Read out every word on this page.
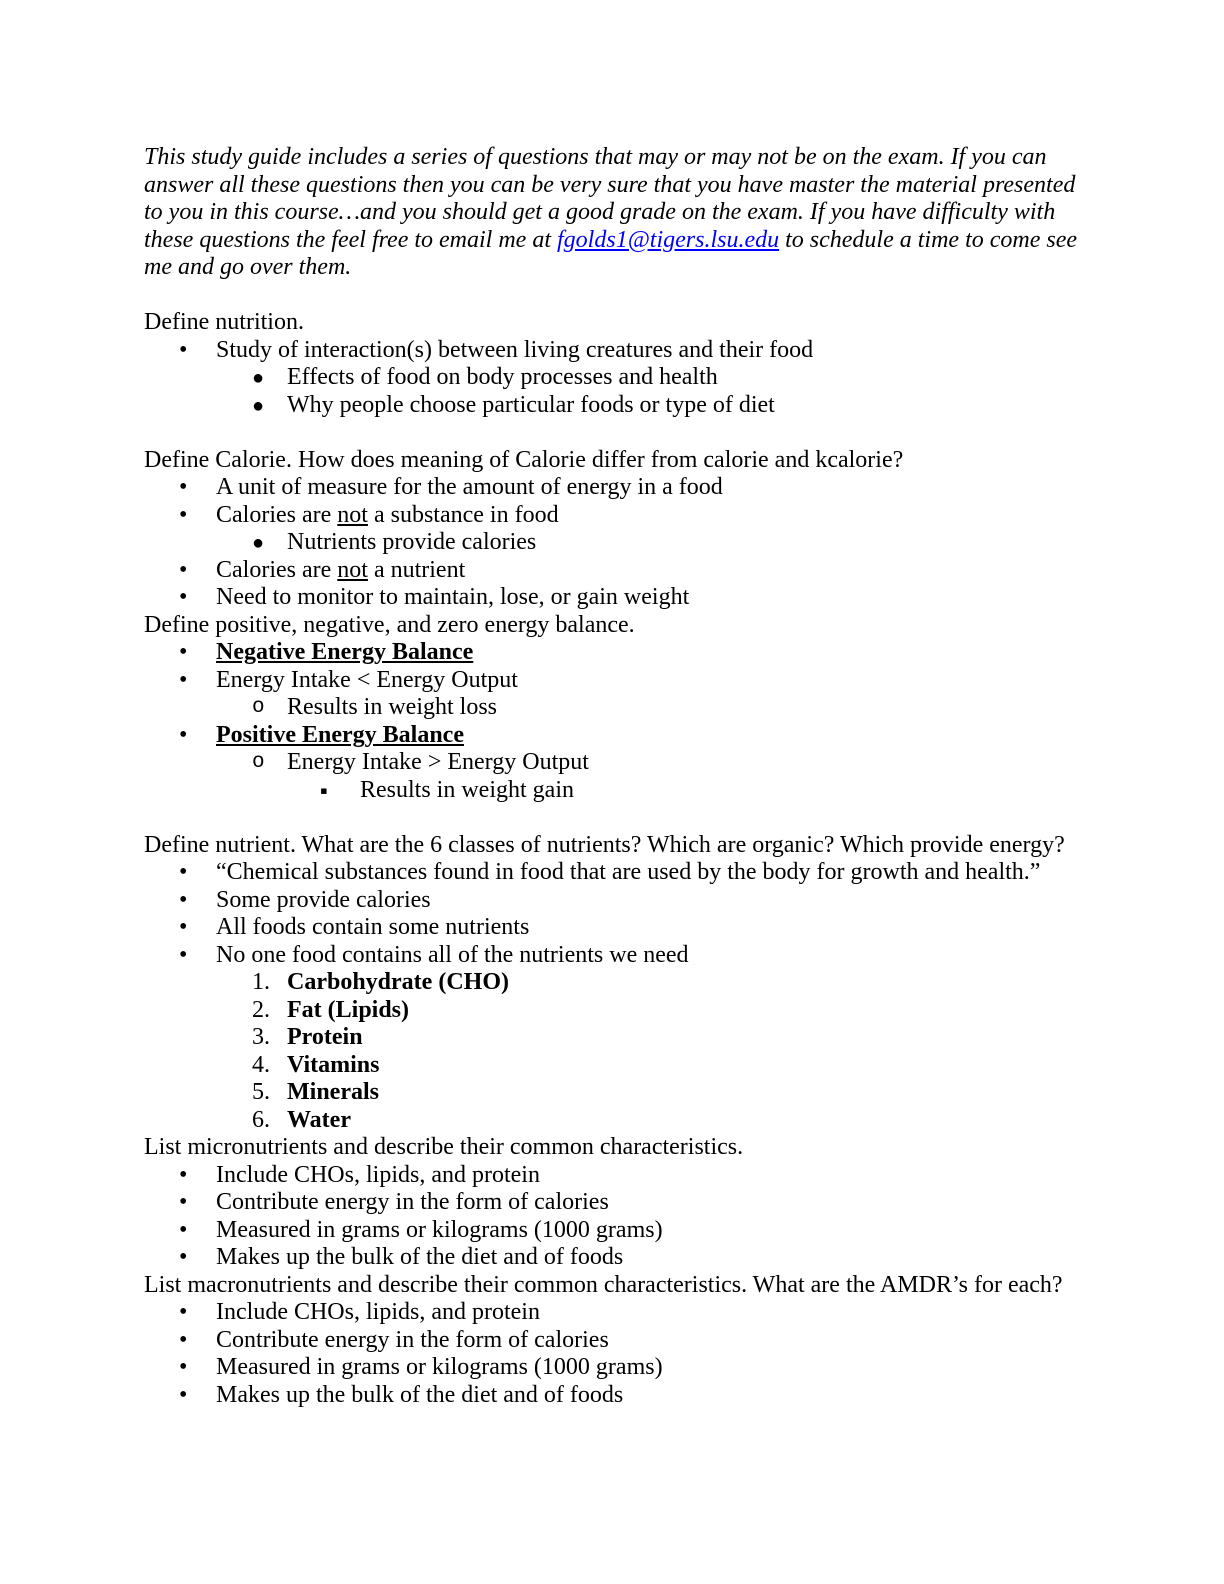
This study guide includes a series of questions that may or may not be on the exam. If you can answer all these questions then you can be very sure that you have master the material presented to you in this course…and you should get a good grade on the exam. If you have difficulty with these questions the feel free to email me at fgolds1@tigers.lsu.edu to schedule a time to come see me and go over them.

Define nutrition.
• Study of interaction(s) between living creatures and their food
● Effects of food on body processes and health
● Why people choose particular foods or type of diet
Define Calorie. How does meaning of Calorie differ from calorie and kcalorie?
• A unit of measure for the amount of energy in a food
• Calories are not a substance in food
● Nutrients provide calories
• Calories are not a nutrient
• Need to monitor to maintain, lose, or gain weight
Define positive, negative, and zero energy balance.
• Negative Energy Balance
• Energy Intake < Energy Output
o Results in weight loss
• Positive Energy Balance
o Energy Intake > Energy Output
▪ Results in weight gain
Define nutrient. What are the 6 classes of nutrients? Which are organic? Which provide energy?
• “Chemical substances found in food that are used by the body for growth and health.”
• Some provide calories
• All foods contain some nutrients
• No one food contains all of the nutrients we need
1. Carbohydrate (CHO)
2. Fat (Lipids)
3. Protein
4. Vitamins
5. Minerals
6. Water
List micronutrients and describe their common characteristics.
• Include CHOs, lipids, and protein
• Contribute energy in the form of calories
• Measured in grams or kilograms (1000 grams)
• Makes up the bulk of the diet and of foods
List macronutrients and describe their common characteristics. What are the AMDR’s for each?
• Include CHOs, lipids, and protein
• Contribute energy in the form of calories
• Measured in grams or kilograms (1000 grams)
• Makes up the bulk of the diet and of foods
